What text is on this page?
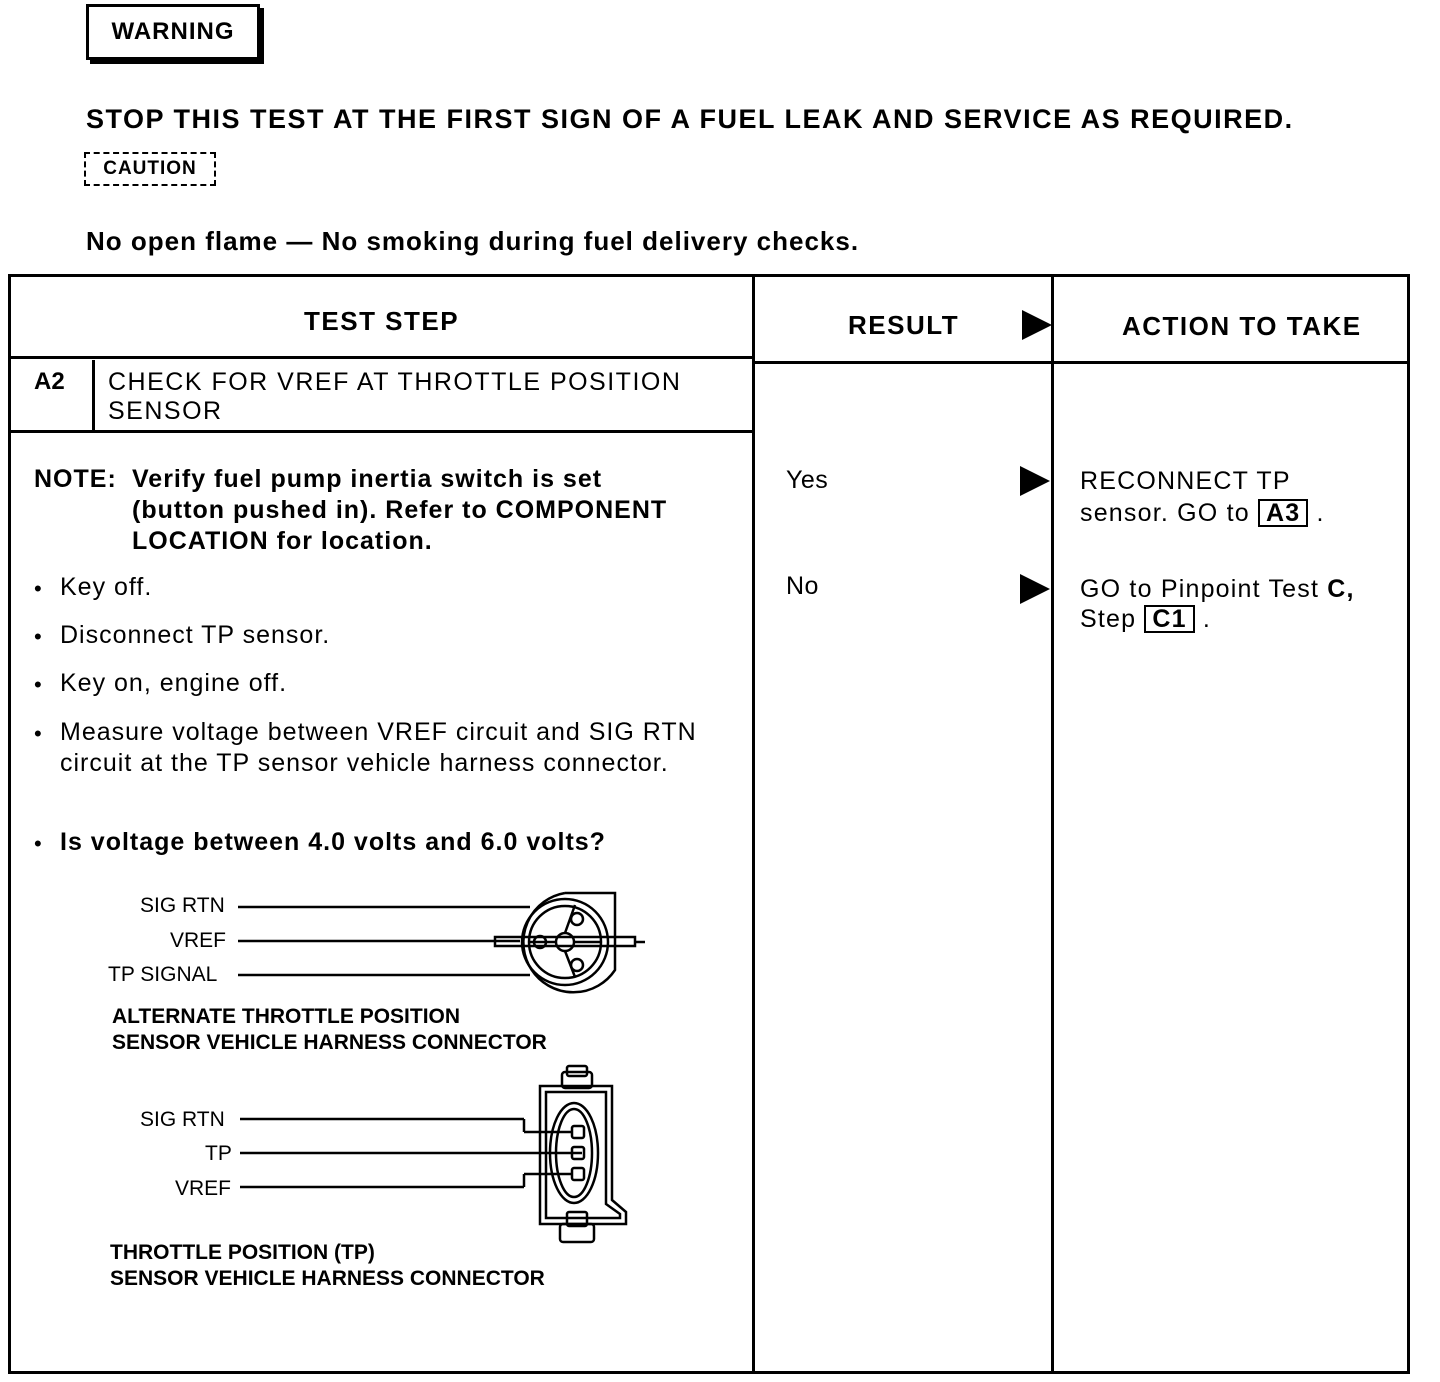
WARNING
STOP THIS TEST AT THE FIRST SIGN OF A FUEL LEAK AND SERVICE AS REQUIRED.
CAUTION
No open flame — No smoking during fuel delivery checks.
TEST STEP	RESULT	ACTION TO TAKE
A2 CHECK FOR VREF AT THROTTLE POSITION
SENSOR
NOTE: Verify fuel pump inertia switch is set
(button pushed in). Refer to COMPONENT
LOCATION for location.
• Key off.
• Disconnect TP sensor.
• Key on, engine off.
• Measure voltage between VREF circuit and SIG RTN circuit at the TP sensor vehicle harness connector.
• Is voltage between 4.0 volts and 6.0 volts?
Yes
No
RECONNECT TP
sensor. GO to A3 .
GO to Pinpoint Test C,
Step C1 .
SIG RTN
VREF
TP SIGNAL
ALTERNATE THROTTLE POSITION
SENSOR VEHICLE HARNESS CONNECTOR
SIG RTN
TP
VREF
THROTTLE POSITION (TP)
SENSOR VEHICLE HARNESS CONNECTOR
